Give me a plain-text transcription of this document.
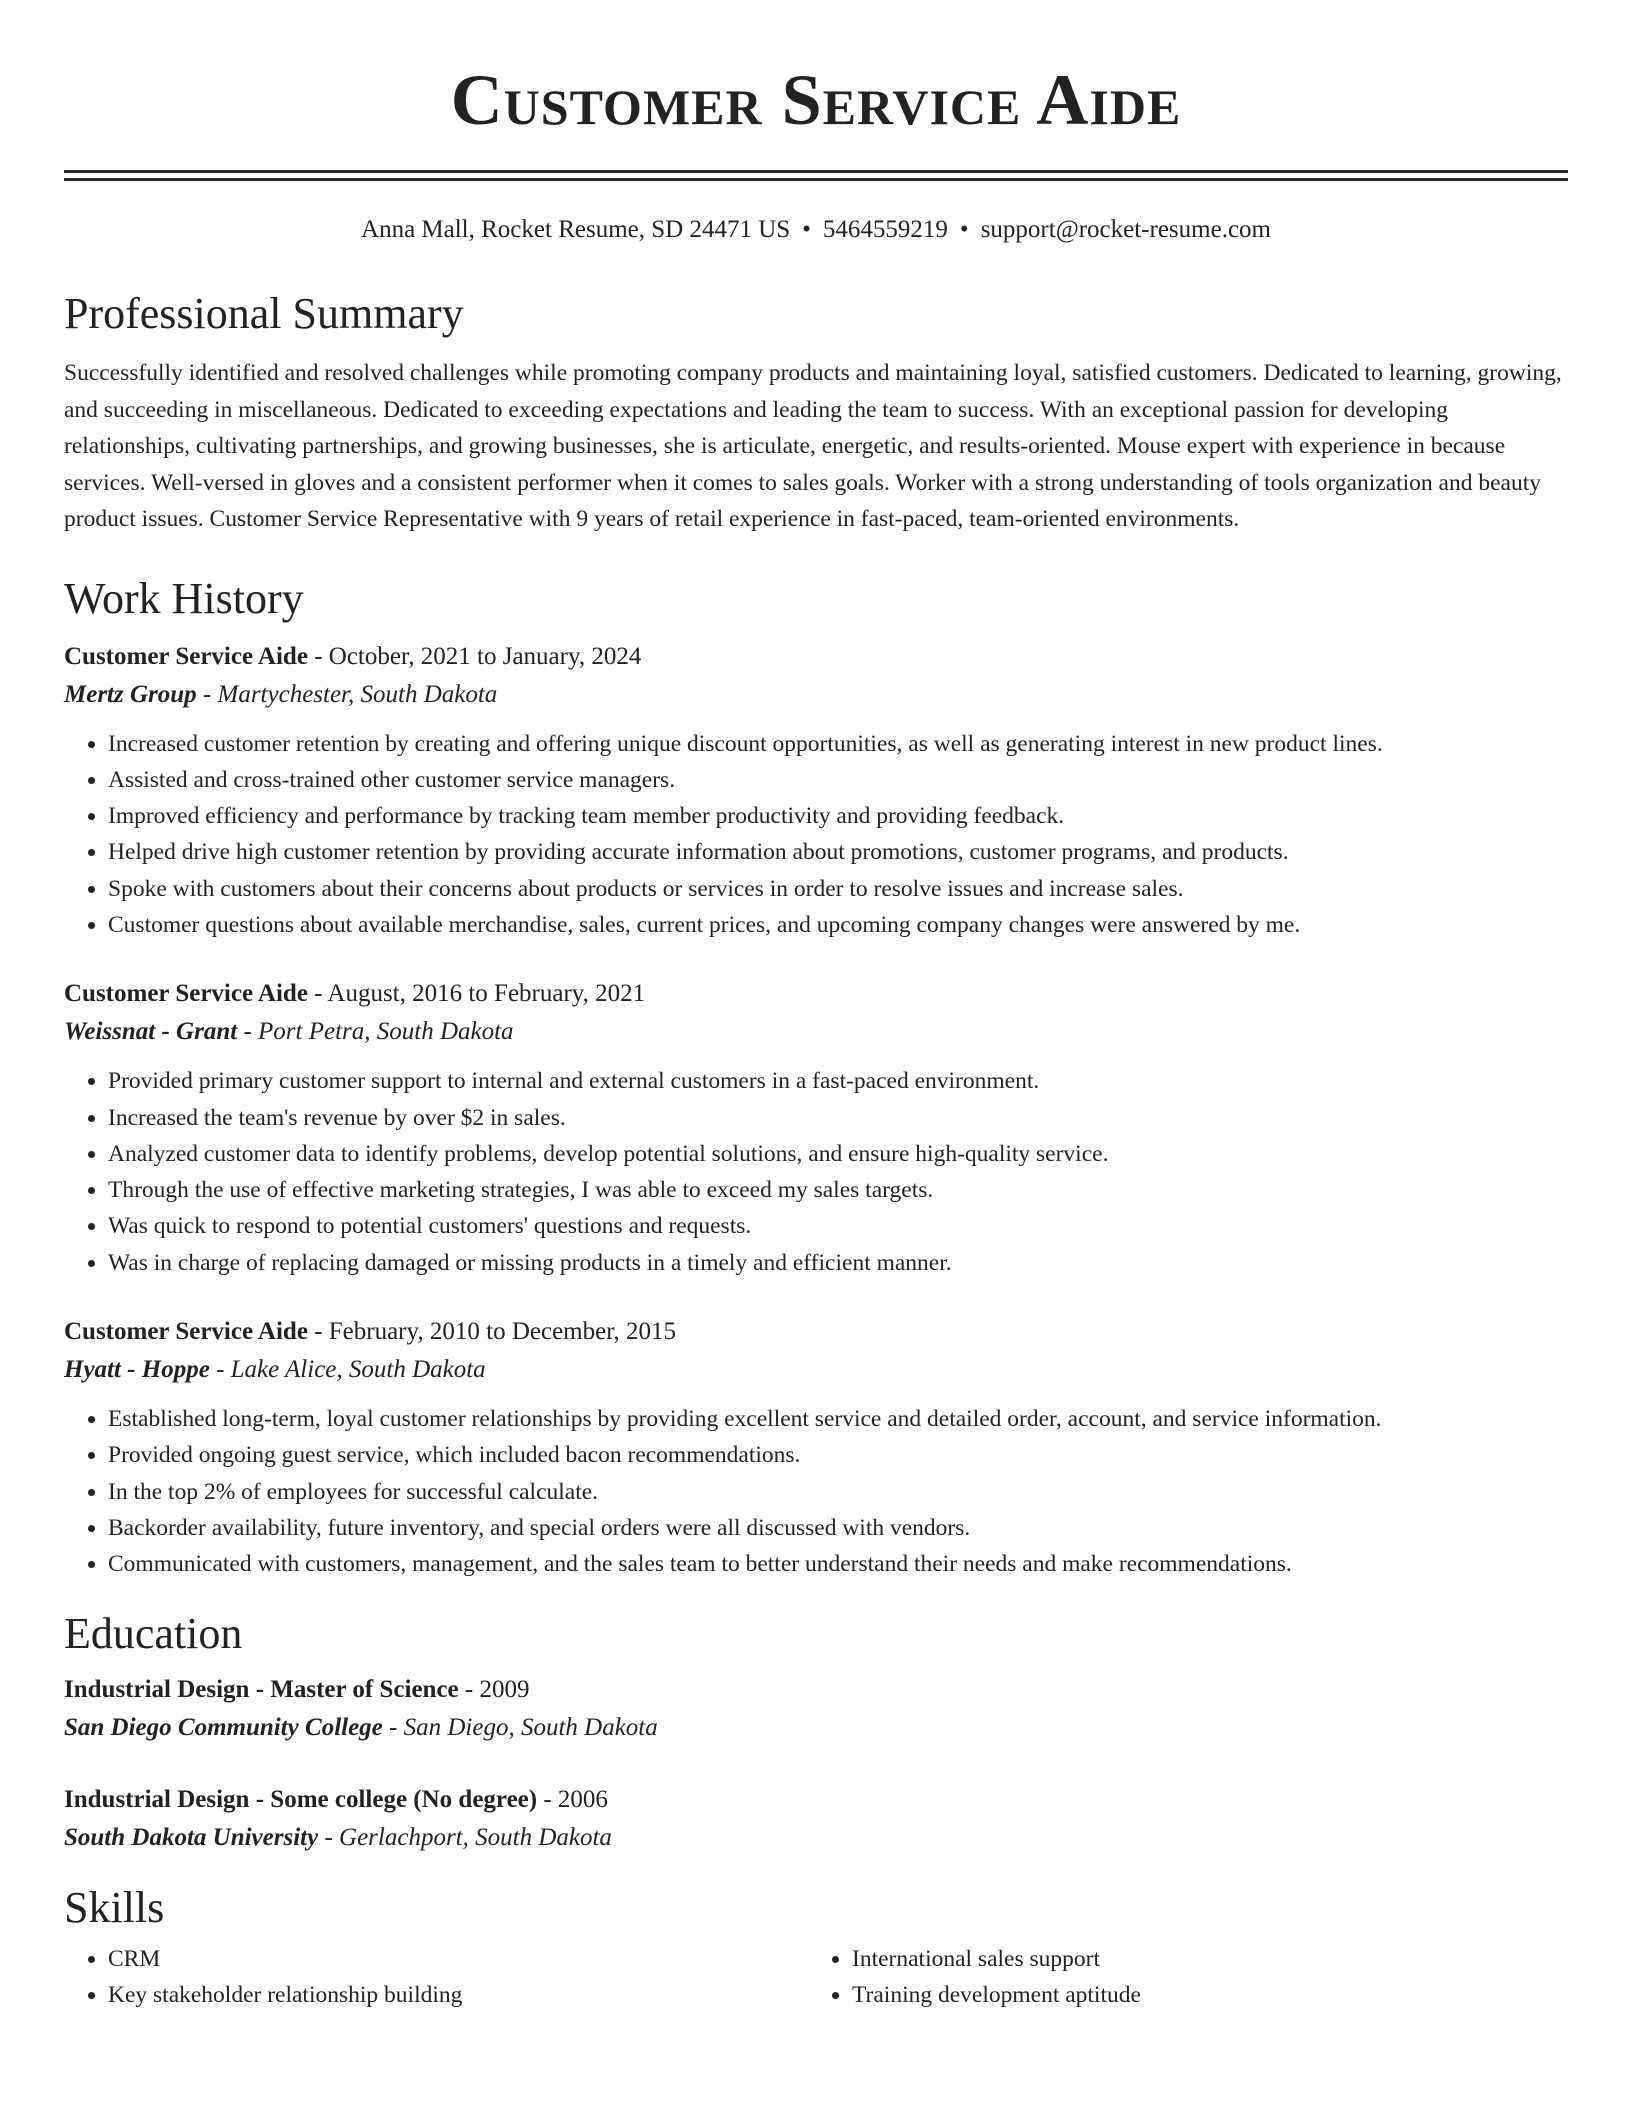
Customer Service Aide
Anna Mall, Rocket Resume, SD 24471 US • 5464559219 • support@rocket-resume.com
Professional Summary
Successfully identified and resolved challenges while promoting company products and maintaining loyal, satisfied customers. Dedicated to learning, growing, and succeeding in miscellaneous. Dedicated to exceeding expectations and leading the team to success. With an exceptional passion for developing relationships, cultivating partnerships, and growing businesses, she is articulate, energetic, and results-oriented. Mouse expert with experience in because services. Well-versed in gloves and a consistent performer when it comes to sales goals. Worker with a strong understanding of tools organization and beauty product issues. Customer Service Representative with 9 years of retail experience in fast-paced, team-oriented environments.
Work History
Customer Service Aide - October, 2021 to January, 2024
Mertz Group - Martychester, South Dakota
• Increased customer retention by creating and offering unique discount opportunities, as well as generating interest in new product lines.
• Assisted and cross-trained other customer service managers.
• Improved efficiency and performance by tracking team member productivity and providing feedback.
• Helped drive high customer retention by providing accurate information about promotions, customer programs, and products.
• Spoke with customers about their concerns about products or services in order to resolve issues and increase sales.
• Customer questions about available merchandise, sales, current prices, and upcoming company changes were answered by me.
Customer Service Aide - August, 2016 to February, 2021
Weissnat - Grant - Port Petra, South Dakota
• Provided primary customer support to internal and external customers in a fast-paced environment.
• Increased the team's revenue by over $2 in sales.
• Analyzed customer data to identify problems, develop potential solutions, and ensure high-quality service.
• Through the use of effective marketing strategies, I was able to exceed my sales targets.
• Was quick to respond to potential customers' questions and requests.
• Was in charge of replacing damaged or missing products in a timely and efficient manner.
Customer Service Aide - February, 2010 to December, 2015
Hyatt - Hoppe - Lake Alice, South Dakota
• Established long-term, loyal customer relationships by providing excellent service and detailed order, account, and service information.
• Provided ongoing guest service, which included bacon recommendations.
• In the top 2% of employees for successful calculate.
• Backorder availability, future inventory, and special orders were all discussed with vendors.
• Communicated with customers, management, and the sales team to better understand their needs and make recommendations.
Education
Industrial Design - Master of Science - 2009
San Diego Community College - San Diego, South Dakota
Industrial Design - Some college (No degree) - 2006
South Dakota University - Gerlachport, South Dakota
Skills
• CRM
• Key stakeholder relationship building
• International sales support
• Training development aptitude
